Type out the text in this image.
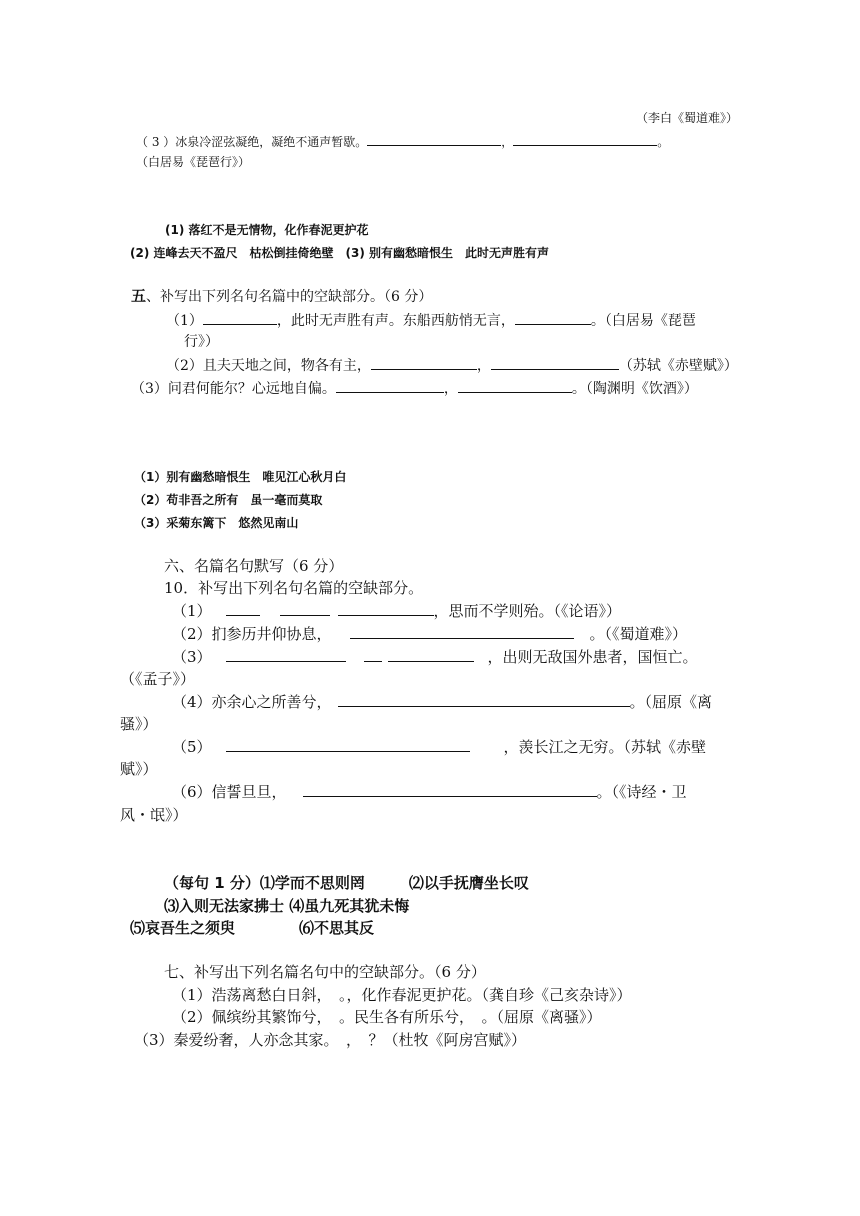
（李白《蜀道难》）
（ 3 ）冰泉冷涩弦凝绝，凝绝不通声暂歇。	，	。
（白居易《琵琶行》）
(1) 落红不是无情物，化作春泥更护花
(2) 连峰去天不盈尺　枯松倒挂倚绝壁　(3) 别有幽愁暗恨生　此时无声胜有声
五、补写出下列名句名篇中的空缺部分。（6 分）
（1）	，此时无声胜有声。东船西舫悄无言，	。（白居易《琵琶
行》）
（2）且夫天地之间，物各有主，	，	（苏轼《赤壁赋》）
（3）问君何能尔？心远地自偏。	，	。（陶渊明《饮酒》）
（1）别有幽愁暗恨生　唯见江心秋月白
（2）苟非吾之所有　虽一毫而莫取
（3）采菊东篱下　悠然见南山
六、名篇名句默写（6 分）
10．补写出下列名句名篇的空缺部分。
（1）	，思而不学则殆。（《论语》）
（2）扪参历井仰协息，	。（《蜀道难》）
（3）	，出则无敌国外患者，国恒亡。
（《孟子》）
（4）亦余心之所善兮，	。（屈原《离
骚》）
（5）	，羡长江之无穷。（苏轼《赤壁
赋》）
（6）信誓旦旦，	。（《诗经・卫
风・氓》）
（每句 1 分）⑴学而不思则罔	⑵以手抚膺坐长叹
⑶入则无法家拂士 ⑷虽九死其犹未悔
⑸哀吾生之须臾	⑹不思其反
七、补写出下列名篇名句中的空缺部分。（6 分）
（1）浩荡离愁白日斜，　。，化作春泥更护花。（龚自珍《己亥杂诗》）
（2）佩缤纷其繁饰兮，　。民生各有所乐兮，　。（屈原《离骚》）
（3）秦爱纷奢，人亦念其家。　，　？（杜牧《阿房宫赋》）
